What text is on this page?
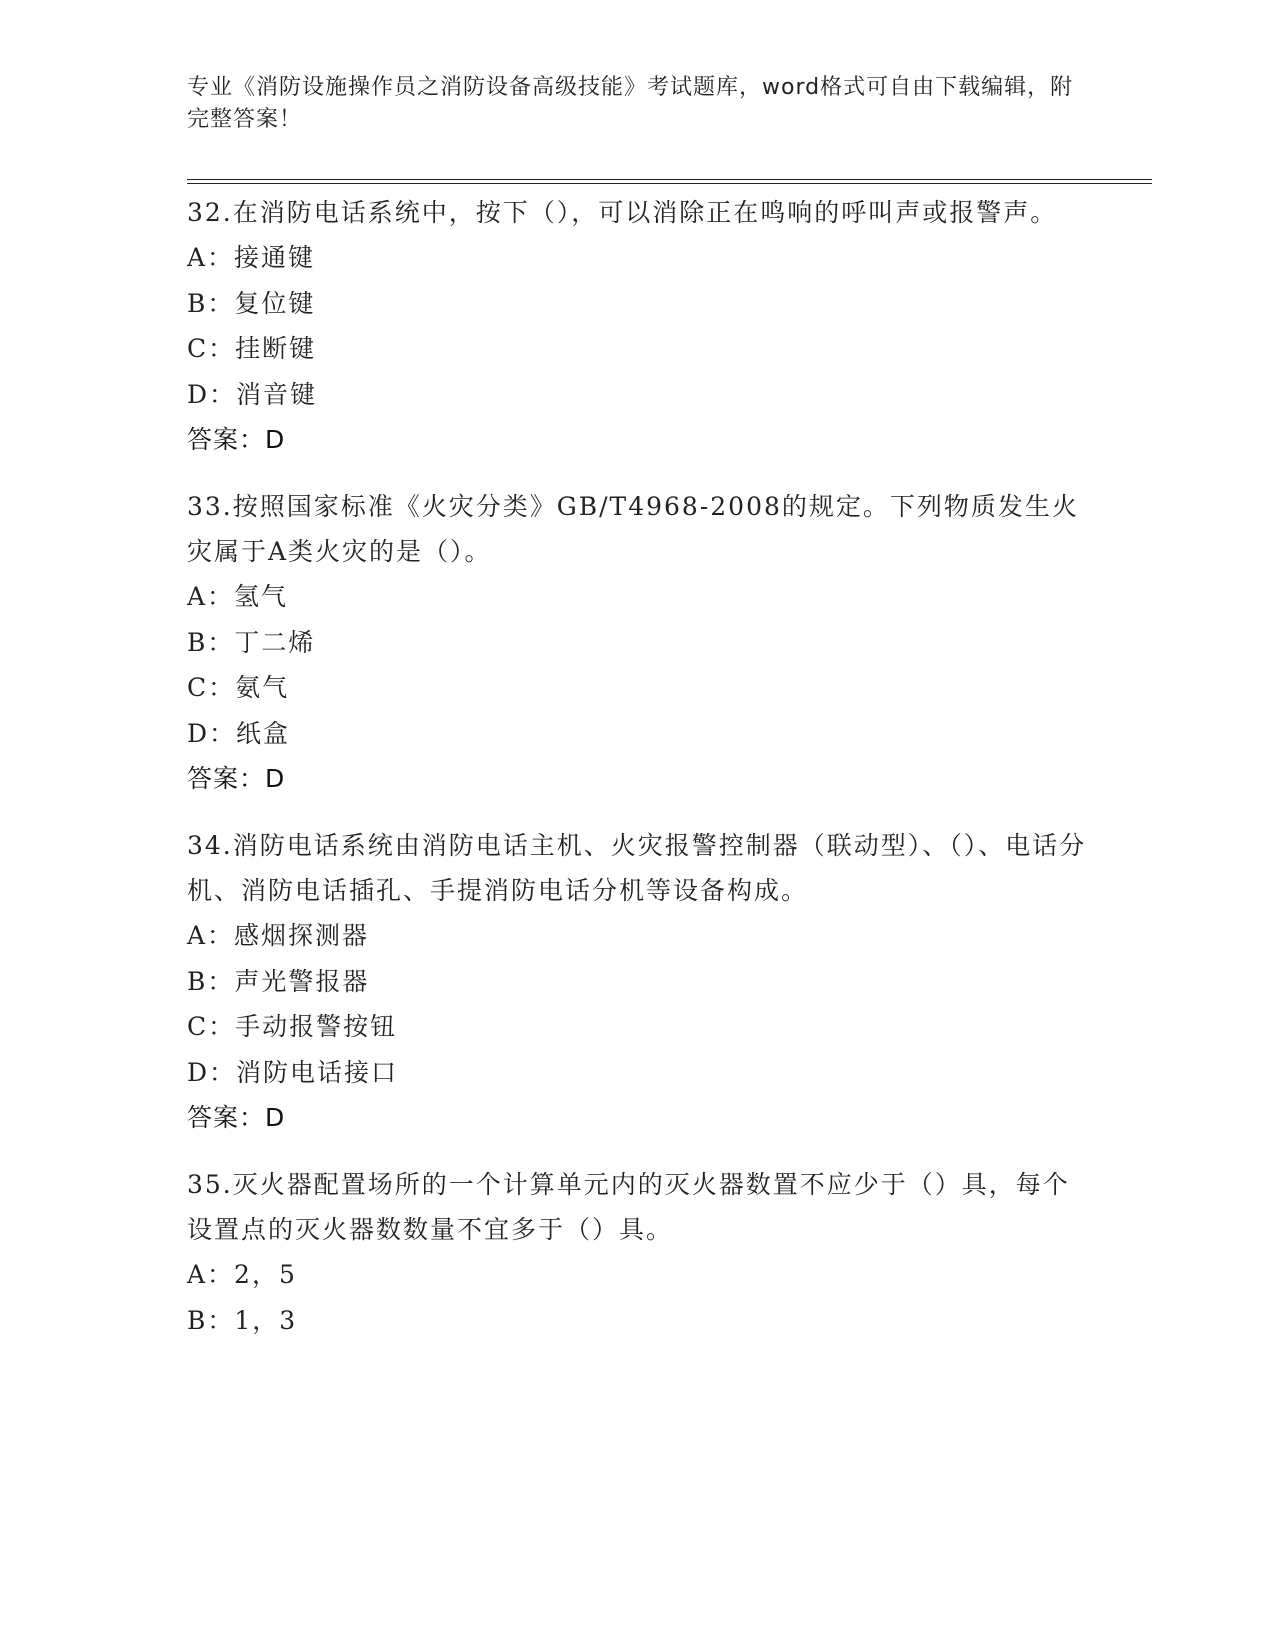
专业《消防设施操作员之消防设备高级技能》考试题库，word格式可自由下载编辑，附完整答案！

32.在消防电话系统中，按下（），可以消除正在鸣响的呼叫声或报警声。

A：接通键

B：复位键

C：挂断键

D：消音键

答案：D

33.按照国家标准《火灾分类》GB/T4968-2008的规定。下列物质发生火灾属于A类火灾的是（）。

A：氢气

B：丁二烯

C：氨气

D：纸盒

答案：D

34.消防电话系统由消防电话主机、火灾报警控制器（联动型）、（）、电话分机、消防电话插孔、手提消防电话分机等设备构成。

A：感烟探测器

B：声光警报器

C：手动报警按钮

D：消防电话接口

答案：D

35.灭火器配置场所的一个计算单元内的灭火器数置不应少于（）具，每个设置点的灭火器数数量不宜多于（）具。

A：2，5

B：1，3
